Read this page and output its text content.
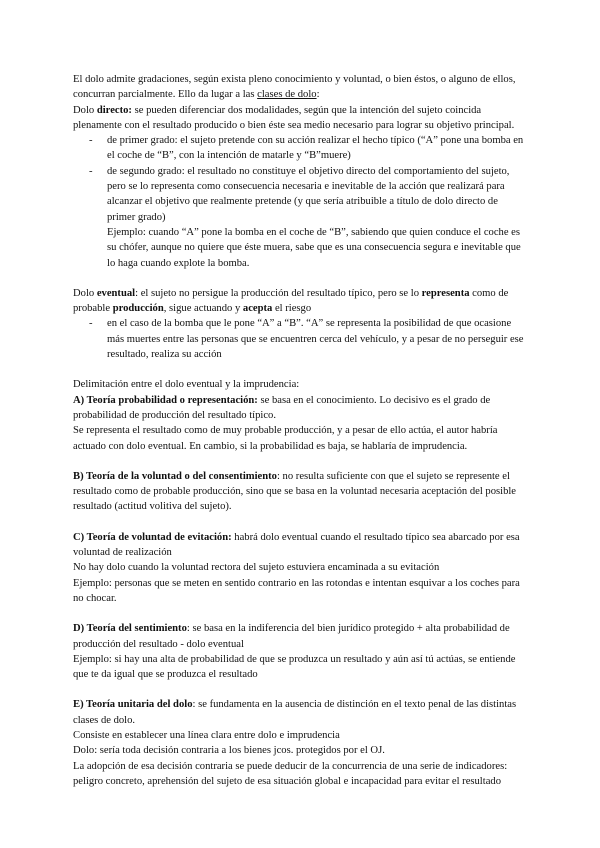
El dolo admite gradaciones, según exista pleno conocimiento y voluntad, o bien éstos, o alguno de ellos, concurran parcialmente. Ello da lugar a las clases de dolo:

Dolo directo: se pueden diferenciar dos modalidades, según que la intención del sujeto coincida plenamente con el resultado producido o bien éste sea medio necesario para lograr su objetivo principal.

- de primer grado: el sujeto pretende con su acción realizar el hecho típico (“A” pone una bomba en el coche de “B”, con la intención de matarle y “B”muere)
- de segundo grado: el resultado no constituye el objetivo directo del comportamiento del sujeto, pero se lo representa como consecuencia necesaria e inevitable de la acción que realizará para alcanzar el objetivo que realmente pretende (y que sería atribuible a título de dolo directo de primer grado)

Ejemplo: cuando “A” pone la bomba en el coche de “B”, sabiendo que quien conduce el coche es su chófer, aunque no quiere que éste muera, sabe que es una consecuencia segura e inevitable que lo haga cuando explote la bomba.

Dolo eventual: el sujeto no persigue la producción del resultado típico, pero se lo representa como de probable producción, sigue actuando y acepta el riesgo

- en el caso de la bomba que le pone “A” a “B”. “A” se representa la posibilidad de que ocasione más muertes entre las personas que se encuentren cerca del vehículo, y a pesar de no perseguir ese resultado, realiza su acción

Delimitación entre el dolo eventual y la imprudencia:

A) Teoría probabilidad o representación: se basa en el conocimiento. Lo decisivo es el grado de probabilidad de producción del resultado típico.

Se representa el resultado como de muy probable producción, y a pesar de ello actúa, el autor habría actuado con dolo eventual. En cambio, si la probabilidad es baja, se hablaría de imprudencia.

B) Teoría de la voluntad o del consentimiento: no resulta suficiente con que el sujeto se represente el resultado como de probable producción, sino que se basa en la voluntad necesaria aceptación del posible resultado (actitud volitiva del sujeto).

C) Teoría de voluntad de evitación: habrá dolo eventual cuando el resultado típico sea abarcado por esa voluntad de realización

No hay dolo cuando la voluntad rectora del sujeto estuviera encaminada a su evitación

Ejemplo: personas que se meten en sentido contrario en las rotondas e intentan esquivar a los coches para no chocar.

D) Teoría del sentimiento: se basa en la indiferencia del bien jurídico protegido + alta probabilidad de producción del resultado - dolo eventual

Ejemplo: si hay una alta de probabilidad de que se produzca un resultado y aún así tú actúas, se entiende que te da igual que se produzca el resultado

E) Teoría unitaria del dolo: se fundamenta en la ausencia de distinción en el texto penal de las distintas clases de dolo.

Consiste en establecer una línea clara entre dolo e imprudencia

Dolo: sería toda decisión contraria a los bienes jcos. protegidos por el OJ.

La adopción de esa decisión contraria se puede deducir de la concurrencia de una serie de indicadores: peligro concreto, aprehensión del sujeto de esa situación global e incapacidad para evitar el resultado
